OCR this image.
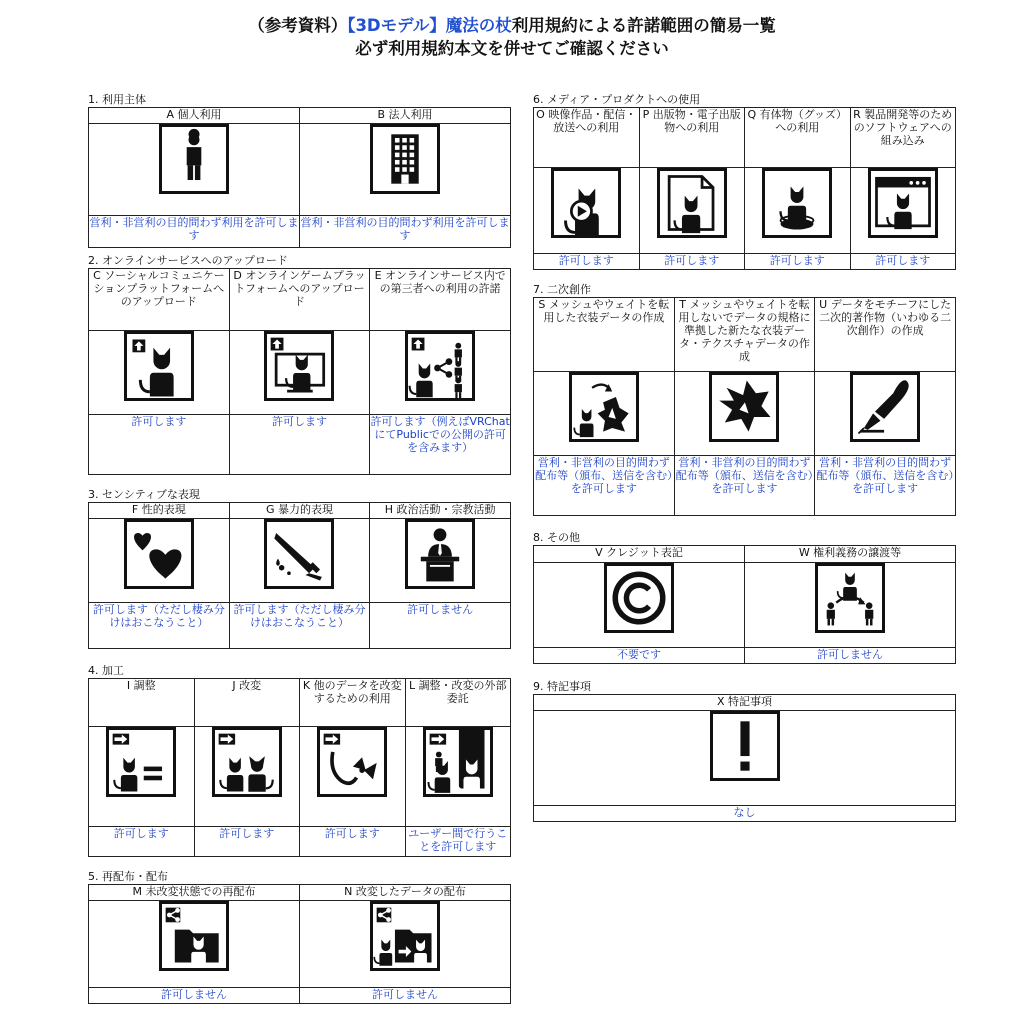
（参考資料）【3Dモデル】魔法の杖利用規約による許諾範囲の簡易一覧
必ず利用規約本文を併せてご確認ください
1. 利用主体
A 個人利用	B 法人利用

営利・非営利の目的問わず利用を許可します	営利・非営利の目的問わず利用を許可します
2. オンラインサービスへのアップロード
C ソーシャルコミュニケーションプラットフォームへのアップロード	D オンラインゲームプラットフォームへのアップロード	E オンラインサービス内での第三者への利用の許諾

許可します	許可します	許可します（例えばVRChatにてPublicでの公開の許可を含みます）
3. センシティブな表現
F 性的表現	G 暴力的表現	H 政治活動・宗教活動

許可します（ただし棲み分けはおこなうこと）	許可します（ただし棲み分けはおこなうこと）	許可しません
4. 加工
I 調整	J 改変	K 他のデータを改変するための利用	L 調整・改変の外部委託

許可します	許可します	許可します	ユーザー間で行うことを許可します
5. 再配布・配布
M 未改変状態での再配布	N 改変したデータの配布

許可しません	許可しません
6. メディア・プロダクトへの使用
O 映像作品・配信・放送への利用	P 出版物・電子出版物への利用	Q 有体物（グッズ）への利用	R 製品開発等のためのソフトウェアへの組み込み

許可します	許可します	許可します	許可します
7. 二次創作
S メッシュやウェイトを転用した衣装データの作成	T メッシュやウェイトを転用しないでデータの規格に準拠した新たな衣装データ・テクスチャデータの作成	U データをモチーフにした二次的著作物（いわゆる二次創作）の作成

営利・非営利の目的問わず配布等（頒布、送信を含む）を許可します	営利・非営利の目的問わず配布等（頒布、送信を含む）を許可します	営利・非営利の目的問わず配布等（頒布、送信を含む）を許可します
8. その他
V クレジット表記	W 権利義務の譲渡等

不要です	許可しません
9. 特記事項
X 特記事項

なし
